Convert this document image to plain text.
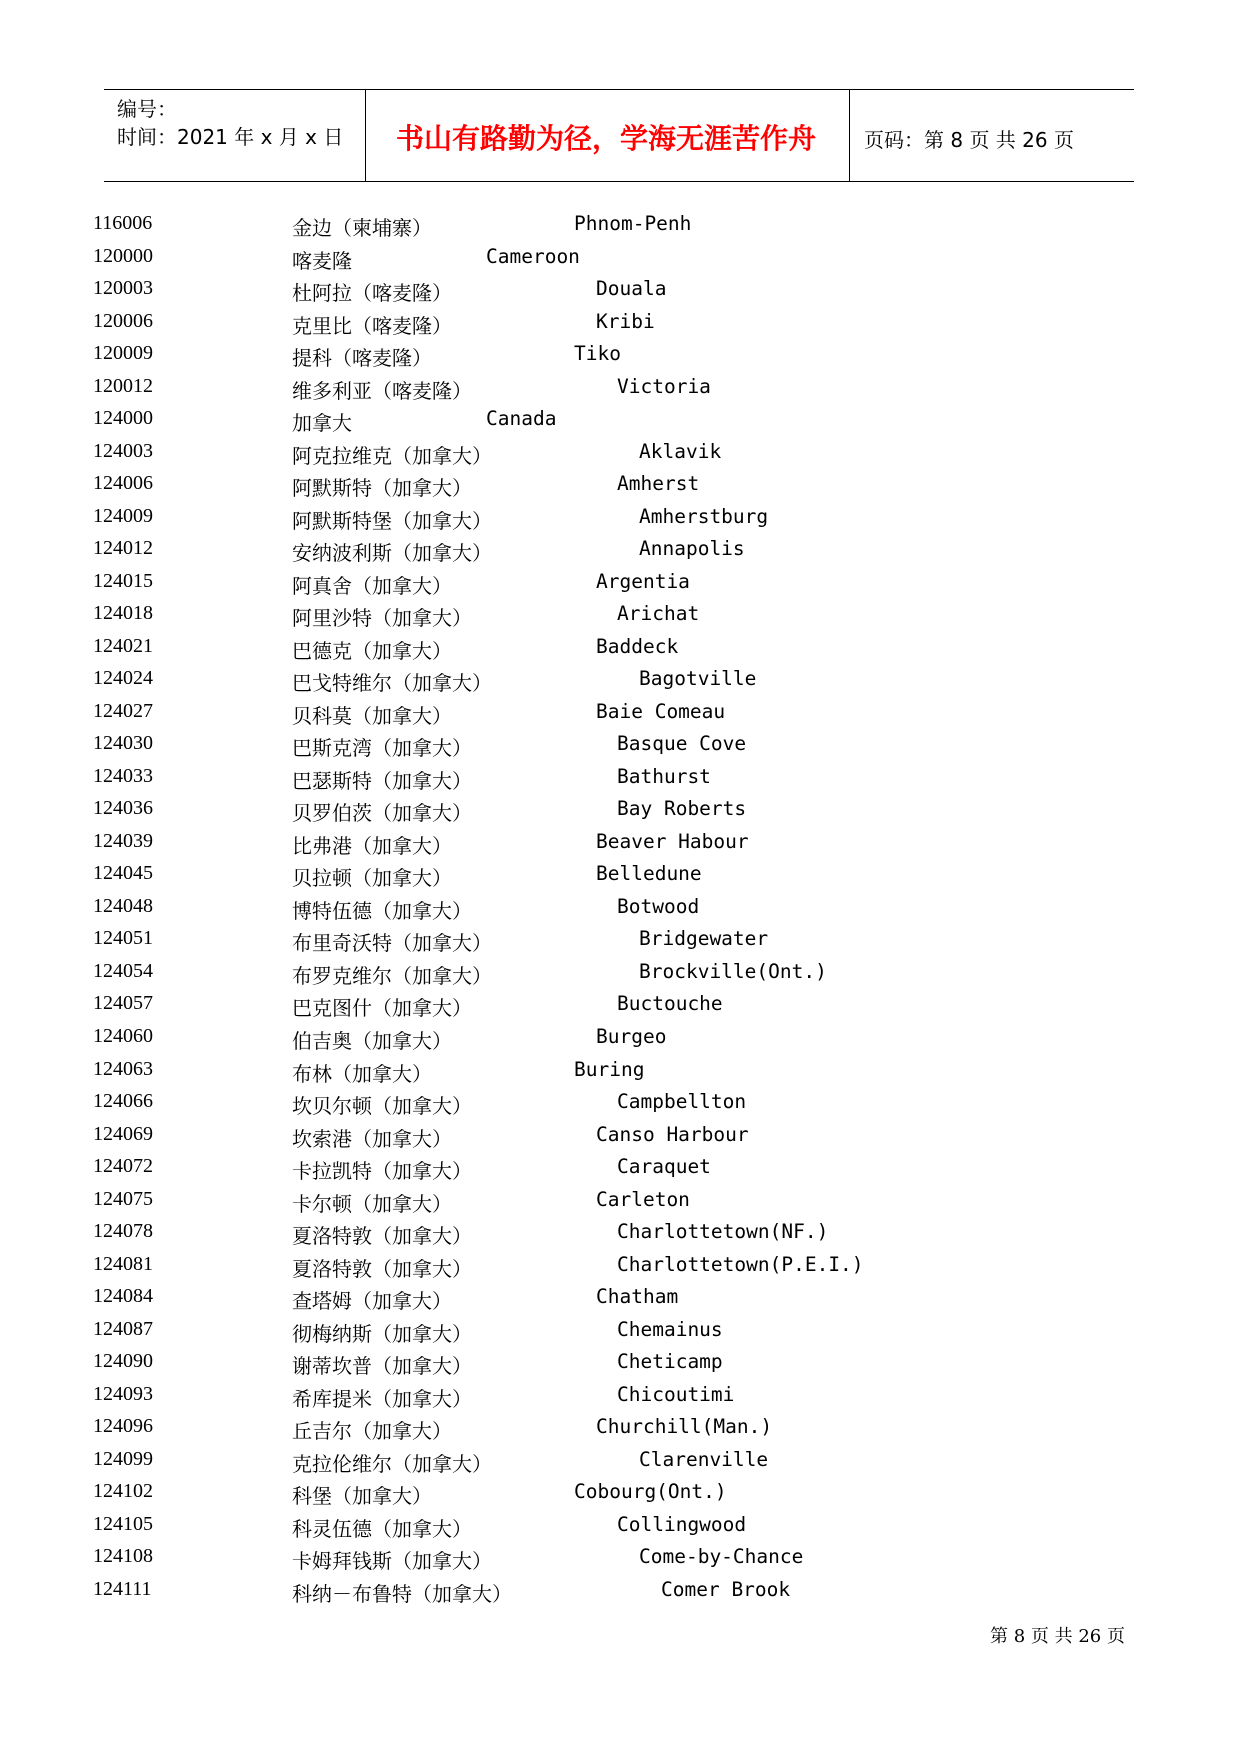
编号：
时间：2021 年 x 月 x 日	书山有路勤为径，学海无涯苦作舟	页码：第 8 页 共 26 页
116006	金边（柬埔寨）	Phnom-Penh
120000	喀麦隆	Cameroon
120003	杜阿拉（喀麦隆）	Douala
120006	克里比（喀麦隆）	Kribi
120009	提科（喀麦隆）	Tiko
120012	维多利亚（喀麦隆）	Victoria
124000	加拿大	Canada
124003	阿克拉维克（加拿大）	Aklavik
124006	阿默斯特（加拿大）	Amherst
124009	阿默斯特堡（加拿大）	Amherstburg
124012	安纳波利斯（加拿大）	Annapolis
124015	阿真舍（加拿大）	Argentia
124018	阿里沙特（加拿大）	Arichat
124021	巴德克（加拿大）	Baddeck
124024	巴戈特维尔（加拿大）	Bagotville
124027	贝科莫（加拿大）	Baie Comeau
124030	巴斯克湾（加拿大）	Basque Cove
124033	巴瑟斯特（加拿大）	Bathurst
124036	贝罗伯茨（加拿大）	Bay Roberts
124039	比弗港（加拿大）	Beaver Habour
124045	贝拉顿（加拿大）	Belledune
124048	博特伍德（加拿大）	Botwood
124051	布里奇沃特（加拿大）	Bridgewater
124054	布罗克维尔（加拿大）	Brockville(Ont.)
124057	巴克图什（加拿大）	Buctouche
124060	伯吉奥（加拿大）	Burgeo
124063	布林（加拿大）	Buring
124066	坎贝尔顿（加拿大）	Campbellton
124069	坎索港（加拿大）	Canso Harbour
124072	卡拉凯特（加拿大）	Caraquet
124075	卡尔顿（加拿大）	Carleton
124078	夏洛特敦（加拿大）	Charlottetown(NF.)
124081	夏洛特敦（加拿大）	Charlottetown(P.E.I.)
124084	查塔姆（加拿大）	Chatham
124087	彻梅纳斯（加拿大）	Chemainus
124090	谢蒂坎普（加拿大）	Cheticamp
124093	希库提米（加拿大）	Chicoutimi
124096	丘吉尔（加拿大）	Churchill(Man.)
124099	克拉伦维尔（加拿大）	Clarenville
124102	科堡（加拿大）	Cobourg(Ont.)
124105	科灵伍德（加拿大）	Collingwood
124108	卡姆拜钱斯（加拿大）	Come-by-Chance
124111	科纳－布鲁特（加拿大）	Comer Brook
第 8 页 共 26 页
